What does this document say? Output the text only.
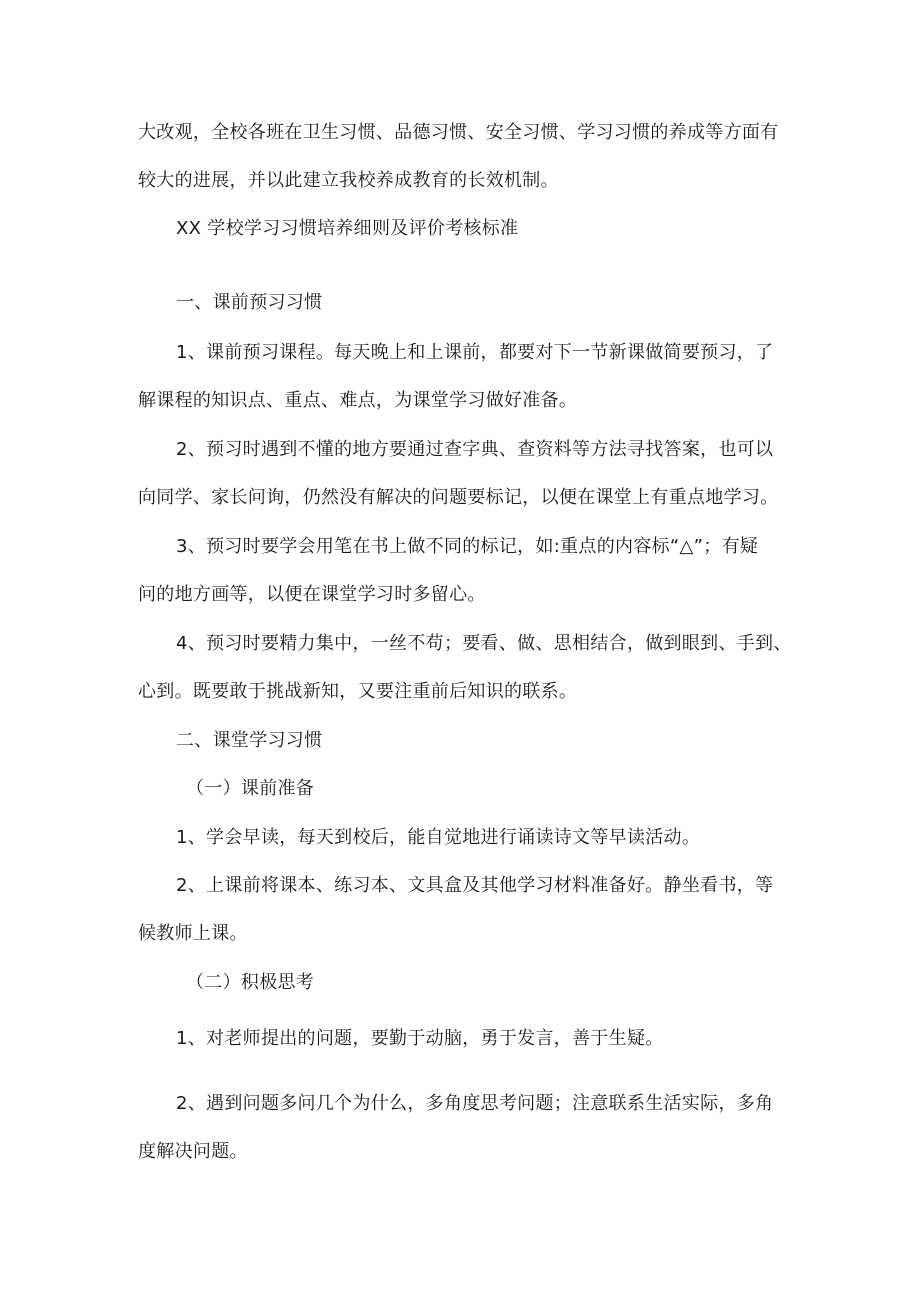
大改观，全校各班在卫生习惯、品德习惯、安全习惯、学习习惯的养成等方面有
较大的进展，并以此建立我校养成教育的长效机制。
XX 学校学习习惯培养细则及评价考核标准
一、课前预习习惯
1、课前预习课程。每天晚上和上课前，都要对下一节新课做简要预习，了
解课程的知识点、重点、难点，为课堂学习做好准备。
2、预习时遇到不懂的地方要通过查字典、查资料等方法寻找答案，也可以
向同学、家长问询，仍然没有解决的问题要标记，以便在课堂上有重点地学习。
3、预习时要学会用笔在书上做不同的标记，如:重点的内容标“△”；有疑
问的地方画等，以便在课堂学习时多留心。
4、预习时要精力集中，一丝不苟；要看、做、思相结合，做到眼到、手到、
心到。既要敢于挑战新知，又要注重前后知识的联系。
二、课堂学习习惯
（一）课前准备
1、学会早读，每天到校后，能自觉地进行诵读诗文等早读活动。
2、上课前将课本、练习本、文具盒及其他学习材料准备好。静坐看书，等
候教师上课。
（二）积极思考
1、对老师提出的问题，要勤于动脑，勇于发言，善于生疑。
2、遇到问题多问几个为什么，多角度思考问题；注意联系生活实际，多角
度解决问题。
